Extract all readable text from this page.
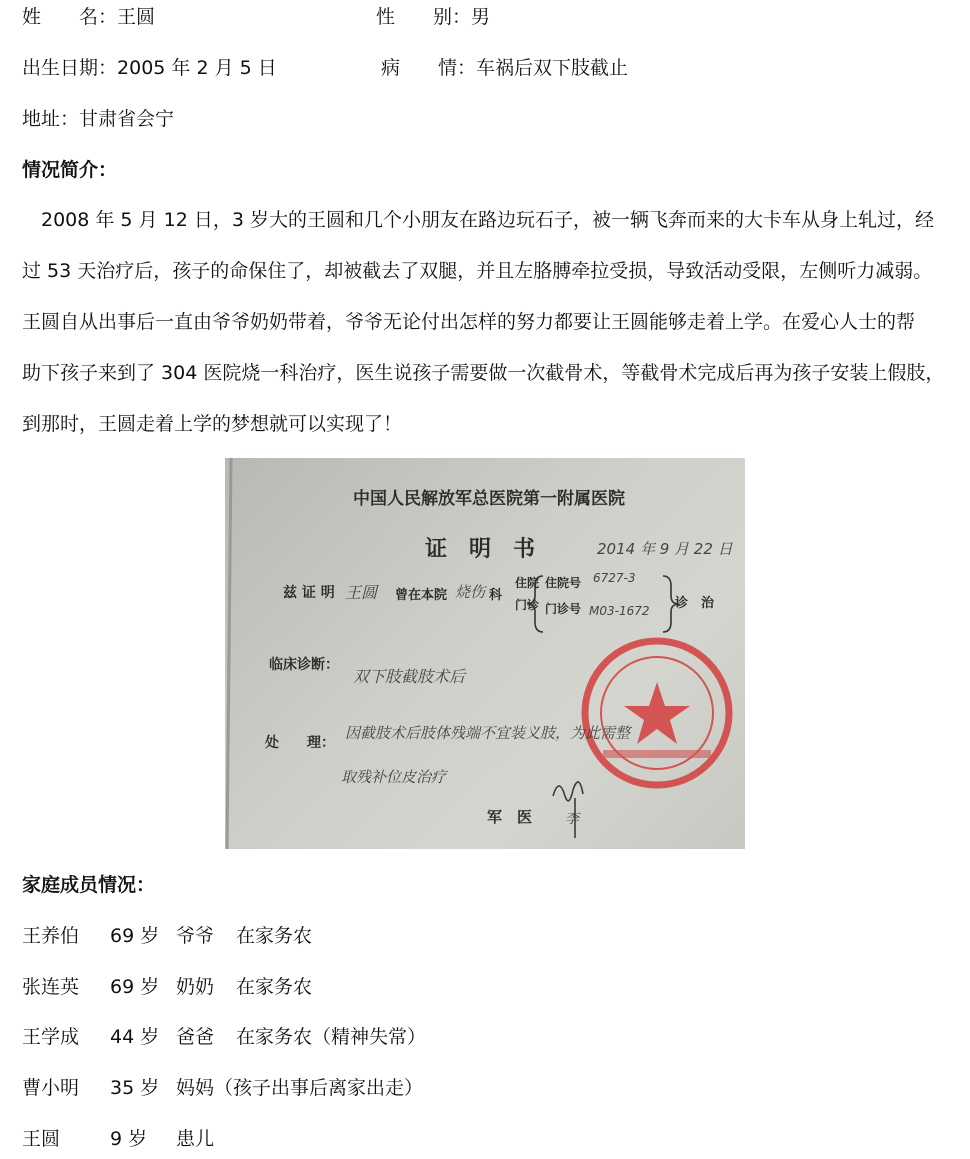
姓　　名：王圆	性　　别：男
出生日期：2005 年 2 月 5 日	病　　情：车祸后双下肢截止
地址：甘肃省会宁
情况简介：
　2008 年 5 月 12 日，3 岁大的王圆和几个小朋友在路边玩石子，被一辆飞奔而来的大卡车从身上轧过，经
过 53 天治疗后，孩子的命保住了，却被截去了双腿，并且左胳膊牵拉受损，导致活动受限，左侧听力减弱。
王圆自从出事后一直由爷爷奶奶带着，爷爷无论付出怎样的努力都要让王圆能够走着上学。在爱心人士的帮
助下孩子来到了 304 医院烧一科治疗，医生说孩子需要做一次截骨术，等截骨术完成后再为孩子安装上假肢，
到那时，王圆走着上学的梦想就可以实现了！
中国人民解放军总医院第一附属医院
证　明　书	2014 年 9 月 22 日
兹 证 明 王圆 曾在本院 烧伤 科
住院
门诊
住院号 6727-3
门诊号 M03-1672 诊　治
临床诊断：
双下肢截肢术后
处　　理：
因截肢术后肢体残端不宜装义肢，为此需整
取残补位皮治疗
军　医 李
家庭成员情况：
王养伯 69 岁 爷爷 在家务农
张连英 69 岁 奶奶 在家务农
王学成 44 岁 爸爸 在家务农（精神失常）
曹小明 35 岁 妈妈（孩子出事后离家出走）
王圆	9 岁 患儿
